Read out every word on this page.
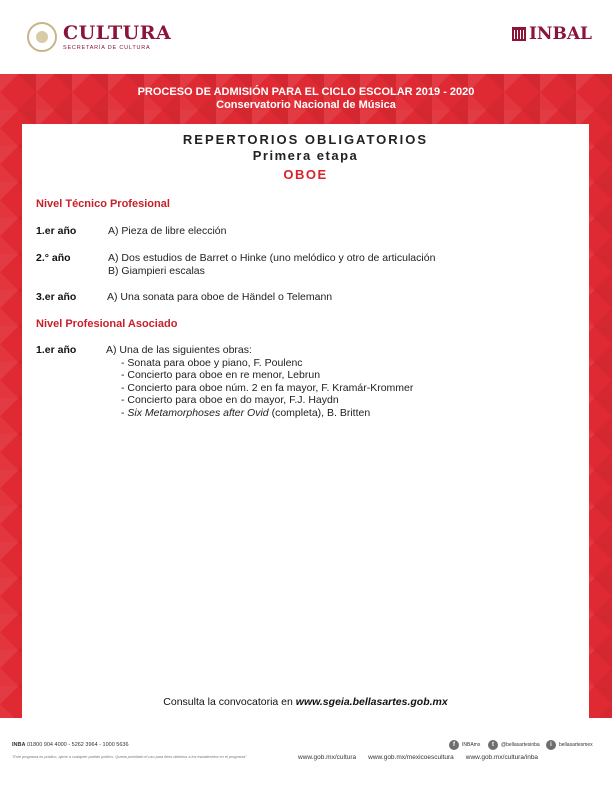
CULTURA
SECRETARÍA DE CULTURA
INBAL
PROCESO DE ADMISIÓN PARA EL CICLO ESCOLAR 2019 - 2020
Conservatorio Nacional de Música
REPERTORIOS OBLIGATORIOS
Primera etapa
OBOE
Nivel Técnico Profesional
1.er año	A) Pieza de libre elección
2.° año	A) Dos estudios de Barret o Hinke (uno melódico y otro de articulación
B) Giampieri escalas
3.er año	A) Una sonata para oboe de Händel o Telemann
Nivel Profesional Asociado
1.er año	A) Una de las siguientes obras:
- Sonata para oboe y piano, F. Poulenc
- Concierto para oboe en re menor, Lebrun
- Concierto para oboe núm. 2 en fa mayor, F. Kramár-Krommer
- Concierto para oboe en do mayor, F.J. Haydn
- Six Metamorphoses after Ovid (completa), B. Britten
Consulta la convocatoria en www.sgeia.bellasartes.gob.mx
INBA 01800 904 4000 - 5262 3964 - 1000 5636
"Este programa es público, ajeno a cualquier partido político. Queda prohibido el uso para fines distintos a los establecidos en el programa"
f	INBAmx	t	@bellasartesinba	i	bellasartesmex
www.gob.mx/cultura www.gob.mx/mexicoescultura www.gob.mx/cultura/inba
